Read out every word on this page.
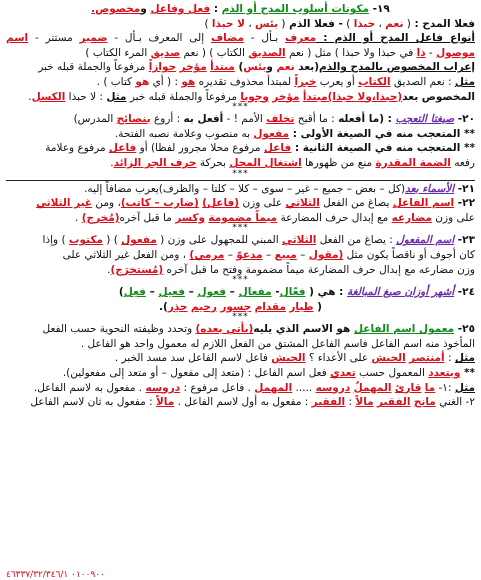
١٩- مكونات أسلوب المدح أو الذم : فعل وفاعل ومخصوص.
فعلا المدح : ( نعم ، حبذا ) - فعلا الذم ( بئس ، لا حبذا )
أنواع فاعل المدح أو الذم : معرف بـأل - مضاف إلى المعرف بـأل - ضمير مستتر - اسم
موصول - ذا في حبذا ولا حبذا ) مثل ( نعم الصديق الكتاب ) ( نعم صديق المرء الكتاب )
إعراب المخصوص بالمدح والذم(بعد نعم وبئس) مبتدأ مؤخر جوازاً مرفوعاً والجملة قبله خبر
مثل : نعم الصديق الكتاب أو يعرب خبراً لمبتدأ محذوف تقديره هو : ( أي هو كتاب ) .
المخصوص بعد(حبذا،ولا حبذا)مبتدأ مؤخر وجوبا مرفوعاً والجملة قبله خبر مثل : لا حبذا الكسل.
***
٢٠- صيغتا التعجب : (ما أفعله : ما أقبح تخلف الأمم ! - أفعل به : أروع بنصائح المدرس)
** المتعجب منه في الصيغة الأولى : مفعول به منصوب وعلامة نصبه الفتحة.
** المتعجب منه في الصيغة الثانية : فاعل مرفوع محلا مجرور لفظا) أو فاعل مرفوع وعلامة
رفعه الضمة المقدرة منع من ظهورها اشتغال المحل بحركة حرف الجر الزائد.
***
٢١- الأسماء بعد(كل – بعض – جميع – غير – سوى – كلا – كلتا – والظرف)يعرب مضافاً إليه.
٢٢- اسم الفاعل يصاغ من الفعل الثلاثي على وزن (فاعل) (ضارب – كاتب)، ومن غير الثلاثي
على وزن مضارعه مع إبدال حرف المضارعة ميماً مضمومة وكسر ما قبل آخره(مُخرج) .
***
٢٣- اسم المفعول : يصاغ من الفعل الثلاثي المبني للمجهول على وزن ( مفعول ) ( مكتوب ) وإذا
كان أجوف أو ناقصاً يكون مثل (مقول – مبيع – مدعوّ – مرمي) ، ومن الفعل غير الثلاثي على
وزن مضارعه مع إبدال حرف المضارعة ميماً مضمومة وفتح ما قبل آخره (مُستخرَج).
***
٢٤- أشهر أوزان صيغ المبالغة : هي ( فعّال- مفعال – فعول – فعيل – فعِل)
( طيار مقدام جسور رحيم حذِر).
***
٢٥- معمول اسم الفاعل هو الاسم الذي يليه(يأتي بعده) وتحدد وظيفته النحوية حسب الفعل
المأخوذ منه اسم الفاعل فاسم الفاعل المشتق من الفعل اللازم له معمول واحد هو الفاعل .
مثل : أمنتصر الجيش على الأعداء ؟ الجيش فاعل لاسم الفاعل سد مسد الخبر .
** ويتعدد المعمول حسب تعدي فعل اسم الفاعل : (متعد إلى مفعول – أو متعد إلى مفعولين).
مثل :١- ما قارئ المهملُ دروسه ..... المهمل . فاعل مرفوع : دروسه . مفعول به لاسم الفاعل.
٢- الغني مانح الفقير مالاً : الفقير : مفعول به أول لاسم الفاعل . مالاً : مفعول به ثان لاسم الفاعل
٠١٠٠٩٠٠ ٤٦٣٣٧/٣٢/٣٤٦/١
